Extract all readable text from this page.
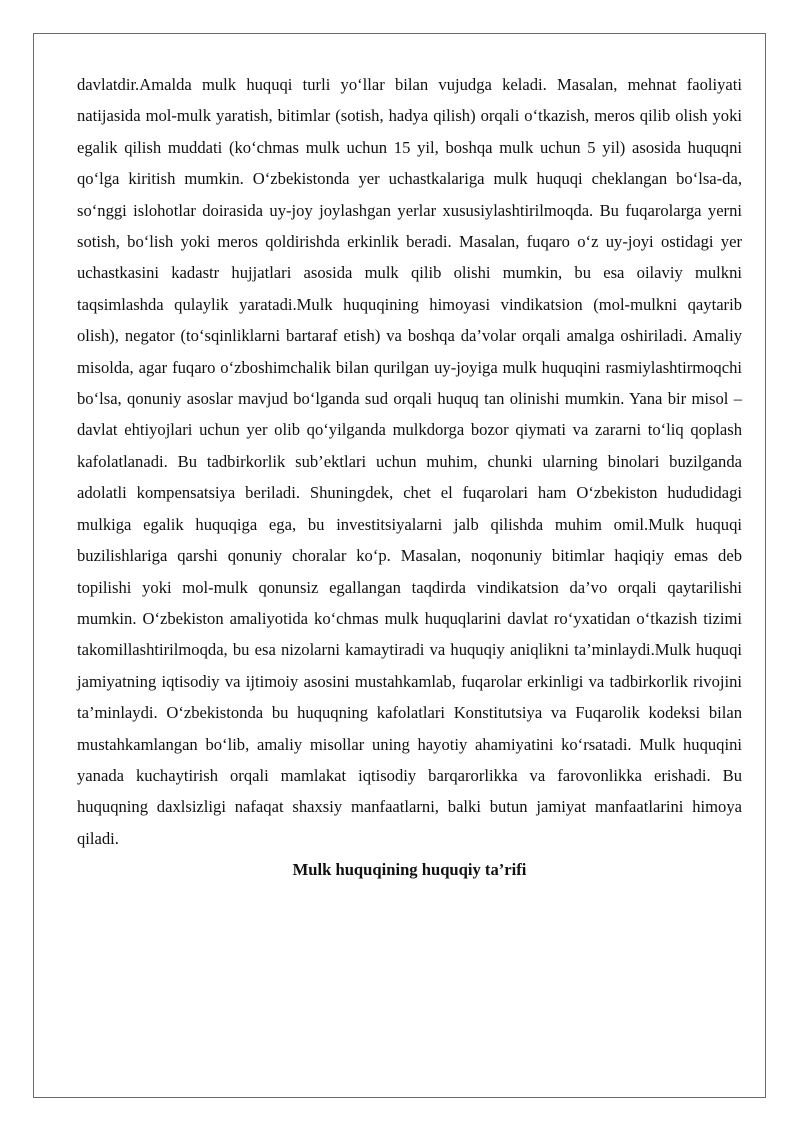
davlatdir.Amalda mulk huquqi turli yo‘llar bilan vujudga keladi. Masalan, mehnat faoliyati natijasida mol-mulk yaratish, bitimlar (sotish, hadya qilish) orqali o‘tkazish, meros qilib olish yoki egalik qilish muddati (ko‘chmas mulk uchun 15 yil, boshqa mulk uchun 5 yil) asosida huquqni qo‘lga kiritish mumkin. O‘zbekistonda yer uchastkalariga mulk huquqi cheklangan bo‘lsa-da, so‘nggi islohotlar doirasida uy-joy joylashgan yerlar xususiylashtirilmoqda. Bu fuqarolarga yerni sotish, bo‘lish yoki meros qoldirishda erkinlik beradi. Masalan, fuqaro o‘z uy-joyi ostidagi yer uchastkasini kadastr hujjatlari asosida mulk qilib olishi mumkin, bu esa oilaviy mulkni taqsimlashda qulaylik yaratadi.Mulk huquqining himoyasi vindikatsion (mol-mulkni qaytarib olish), negator (to‘sqinliklarni bartaraf etish) va boshqa da’volar orqali amalga oshiriladi. Amaliy misolda, agar fuqaro o‘zboshimchalik bilan qurilgan uy-joyiga mulk huquqini rasmiylashtirmoqchi bo‘lsa, qonuniy asoslar mavjud bo‘lganda sud orqali huquq tan olinishi mumkin. Yana bir misol – davlat ehtiyojlari uchun yer olib qo‘yilganda mulkdorga bozor qiymati va zararni to‘liq qoplash kafolatlanadi. Bu tadbirkorlik sub’ektlari uchun muhim, chunki ularning binolari buzilganda adolatli kompensatsiya beriladi. Shuningdek, chet el fuqarolari ham O‘zbekiston hududidagi mulkiga egalik huquqiga ega, bu investitsiyalarni jalb qilishda muhim omil.Mulk huquqi buzilishlariga qarshi qonuniy choralar ko‘p. Masalan, noqonuniy bitimlar haqiqiy emas deb topilishi yoki mol-mulk qonunsiz egallangan taqdirda vindikatsion da’vo orqali qaytarilishi mumkin. O‘zbekiston amaliyotida ko‘chmas mulk huquqlarini davlat ro‘yxatidan o‘tkazish tizimi takomillashtirilmoqda, bu esa nizolarni kamaytiradi va huquqiy aniqlikni ta’minlaydi.Mulk huquqi jamiyatning iqtisodiy va ijtimoiy asosini mustahkamlab, fuqarolar erkinligi va tadbirkorlik rivojini ta’minlaydi. O‘zbekistonda bu huquqning kafolatlari Konstitutsiya va Fuqarolik kodeksi bilan mustahkamlangan bo‘lib, amaliy misollar uning hayotiy ahamiyatini ko‘rsatadi. Mulk huquqini yanada kuchaytirish orqali mamlakat iqtisodiy barqarorlikka va farovonlikka erishadi. Bu huquqning daxlsizligi nafaqat shaxsiy manfaatlarni, balki butun jamiyat manfaatlarini himoya qiladi.

Mulk huquqining huquqiy ta’rifi
